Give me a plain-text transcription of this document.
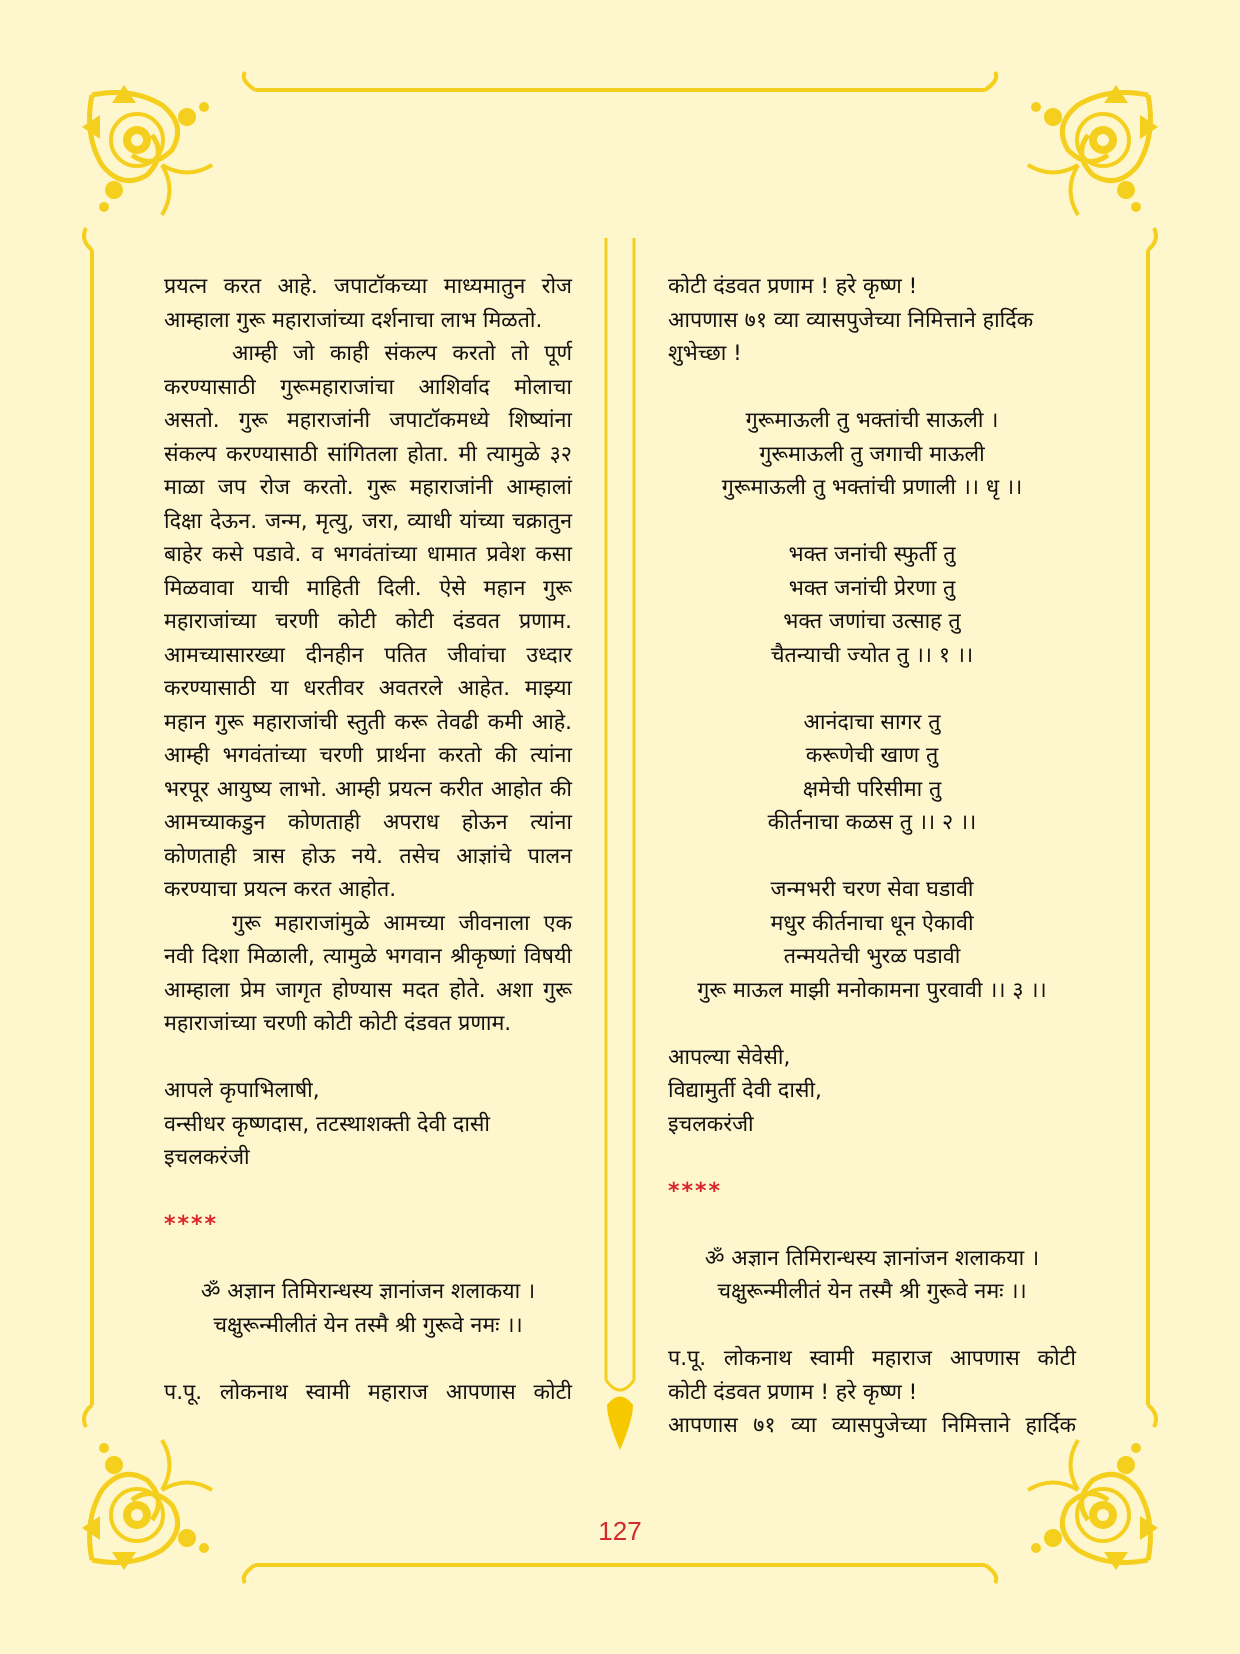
प्रयत्न करत आहे. जपाटॉकच्या माध्यमातुन रोज आम्हाला गुरू महाराजांच्या दर्शनाचा लाभ मिळतो.

आम्ही जो काही संकल्प करतो तो पूर्ण करण्यासाठी गुरूमहाराजांचा आशिर्वाद मोलाचा असतो. गुरू महाराजांनी जपाटॉकमध्ये शिष्यांना संकल्प करण्यासाठी सांगितला होता. मी त्यामुळे ३२ माळा जप रोज करतो. गुरू महाराजांनी आम्हालां दिक्षा देऊन. जन्म, मृत्यु, जरा, व्याधी यांच्या चक्रातुन बाहेर कसे पडावे. व भगवंतांच्या धामात प्रवेश कसा मिळवावा याची माहिती दिली. ऐसे महान गुरू महाराजांच्या चरणी कोटी कोटी दंडवत प्रणाम. आमच्यासारख्या दीनहीन पतित जीवांचा उध्दार करण्यासाठी या धरतीवर अवतरले आहेत. माझ्या महान गुरू महाराजांची स्तुती करू तेवढी कमी आहे. आम्ही भगवंतांच्या चरणी प्रार्थना करतो की त्यांना भरपूर आयुष्य लाभो. आम्ही प्रयत्न करीत आहोत की आमच्याकडुन कोणताही अपराध होऊन त्यांना कोणताही त्रास होऊ नये. तसेच आज्ञांचे पालन करण्याचा प्रयत्न करत आहोत.

गुरू महाराजांमुळे आमच्या जीवनाला एक नवी दिशा मिळाली, त्यामुळे भगवान श्रीकृष्णां विषयी आम्हाला प्रेम जागृत होण्यास मदत होते. अशा गुरू महाराजांच्या चरणी कोटी कोटी दंडवत प्रणाम.

आपले कृपाभिलाषी,

वन्सीधर कृष्णदास, तटस्थाशक्ती देवी दासी

इचलकरंजी

****

ॐ अज्ञान तिमिरान्धस्य ज्ञानांजन शलाकया ।

चक्षुरून्मीलीतं येन तस्मै श्री गुरूवे नमः ।।

प.पू. लोकनाथ स्वामी महाराज आपणास कोटी

कोटी दंडवत प्रणाम ! हरे कृष्ण !

आपणास ७१ व्या व्यासपुजेच्या निमित्ताने हार्दिक शुभेच्छा !

गुरूमाऊली तु भक्तांची साऊली ।

गुरूमाऊली तु जगाची माऊली

गुरूमाऊली तु भक्तांची प्रणाली ।। धृ ।।

भक्त जनांची स्फुर्ती तु

भक्त जनांची प्रेरणा तु

भक्त जणांचा उत्साह तु

चैतन्याची ज्योत तु ।। १ ।।

आनंदाचा सागर तु

करूणेची खाण तु

क्षमेची परिसीमा तु

कीर्तनाचा कळस तु ।। २ ।।

जन्मभरी चरण सेवा घडावी

मधुर कीर्तनाचा धून ऐकावी

तन्मयतेची भुरळ पडावी

गुरू माऊल माझी मनोकामना पुरवावी ।। ३ ।।

आपल्या सेवेसी,

विद्यामुर्ती देवी दासी,

इचलकरंजी

****

ॐ अज्ञान तिमिरान्धस्य ज्ञानांजन शलाकया ।

चक्षुरून्मीलीतं येन तस्मै श्री गुरूवे नमः ।।

प.पू. लोकनाथ स्वामी महाराज आपणास कोटी

कोटी दंडवत प्रणाम ! हरे कृष्ण !

आपणास ७१ व्या व्यासपुजेच्या निमित्ताने हार्दिक

127
